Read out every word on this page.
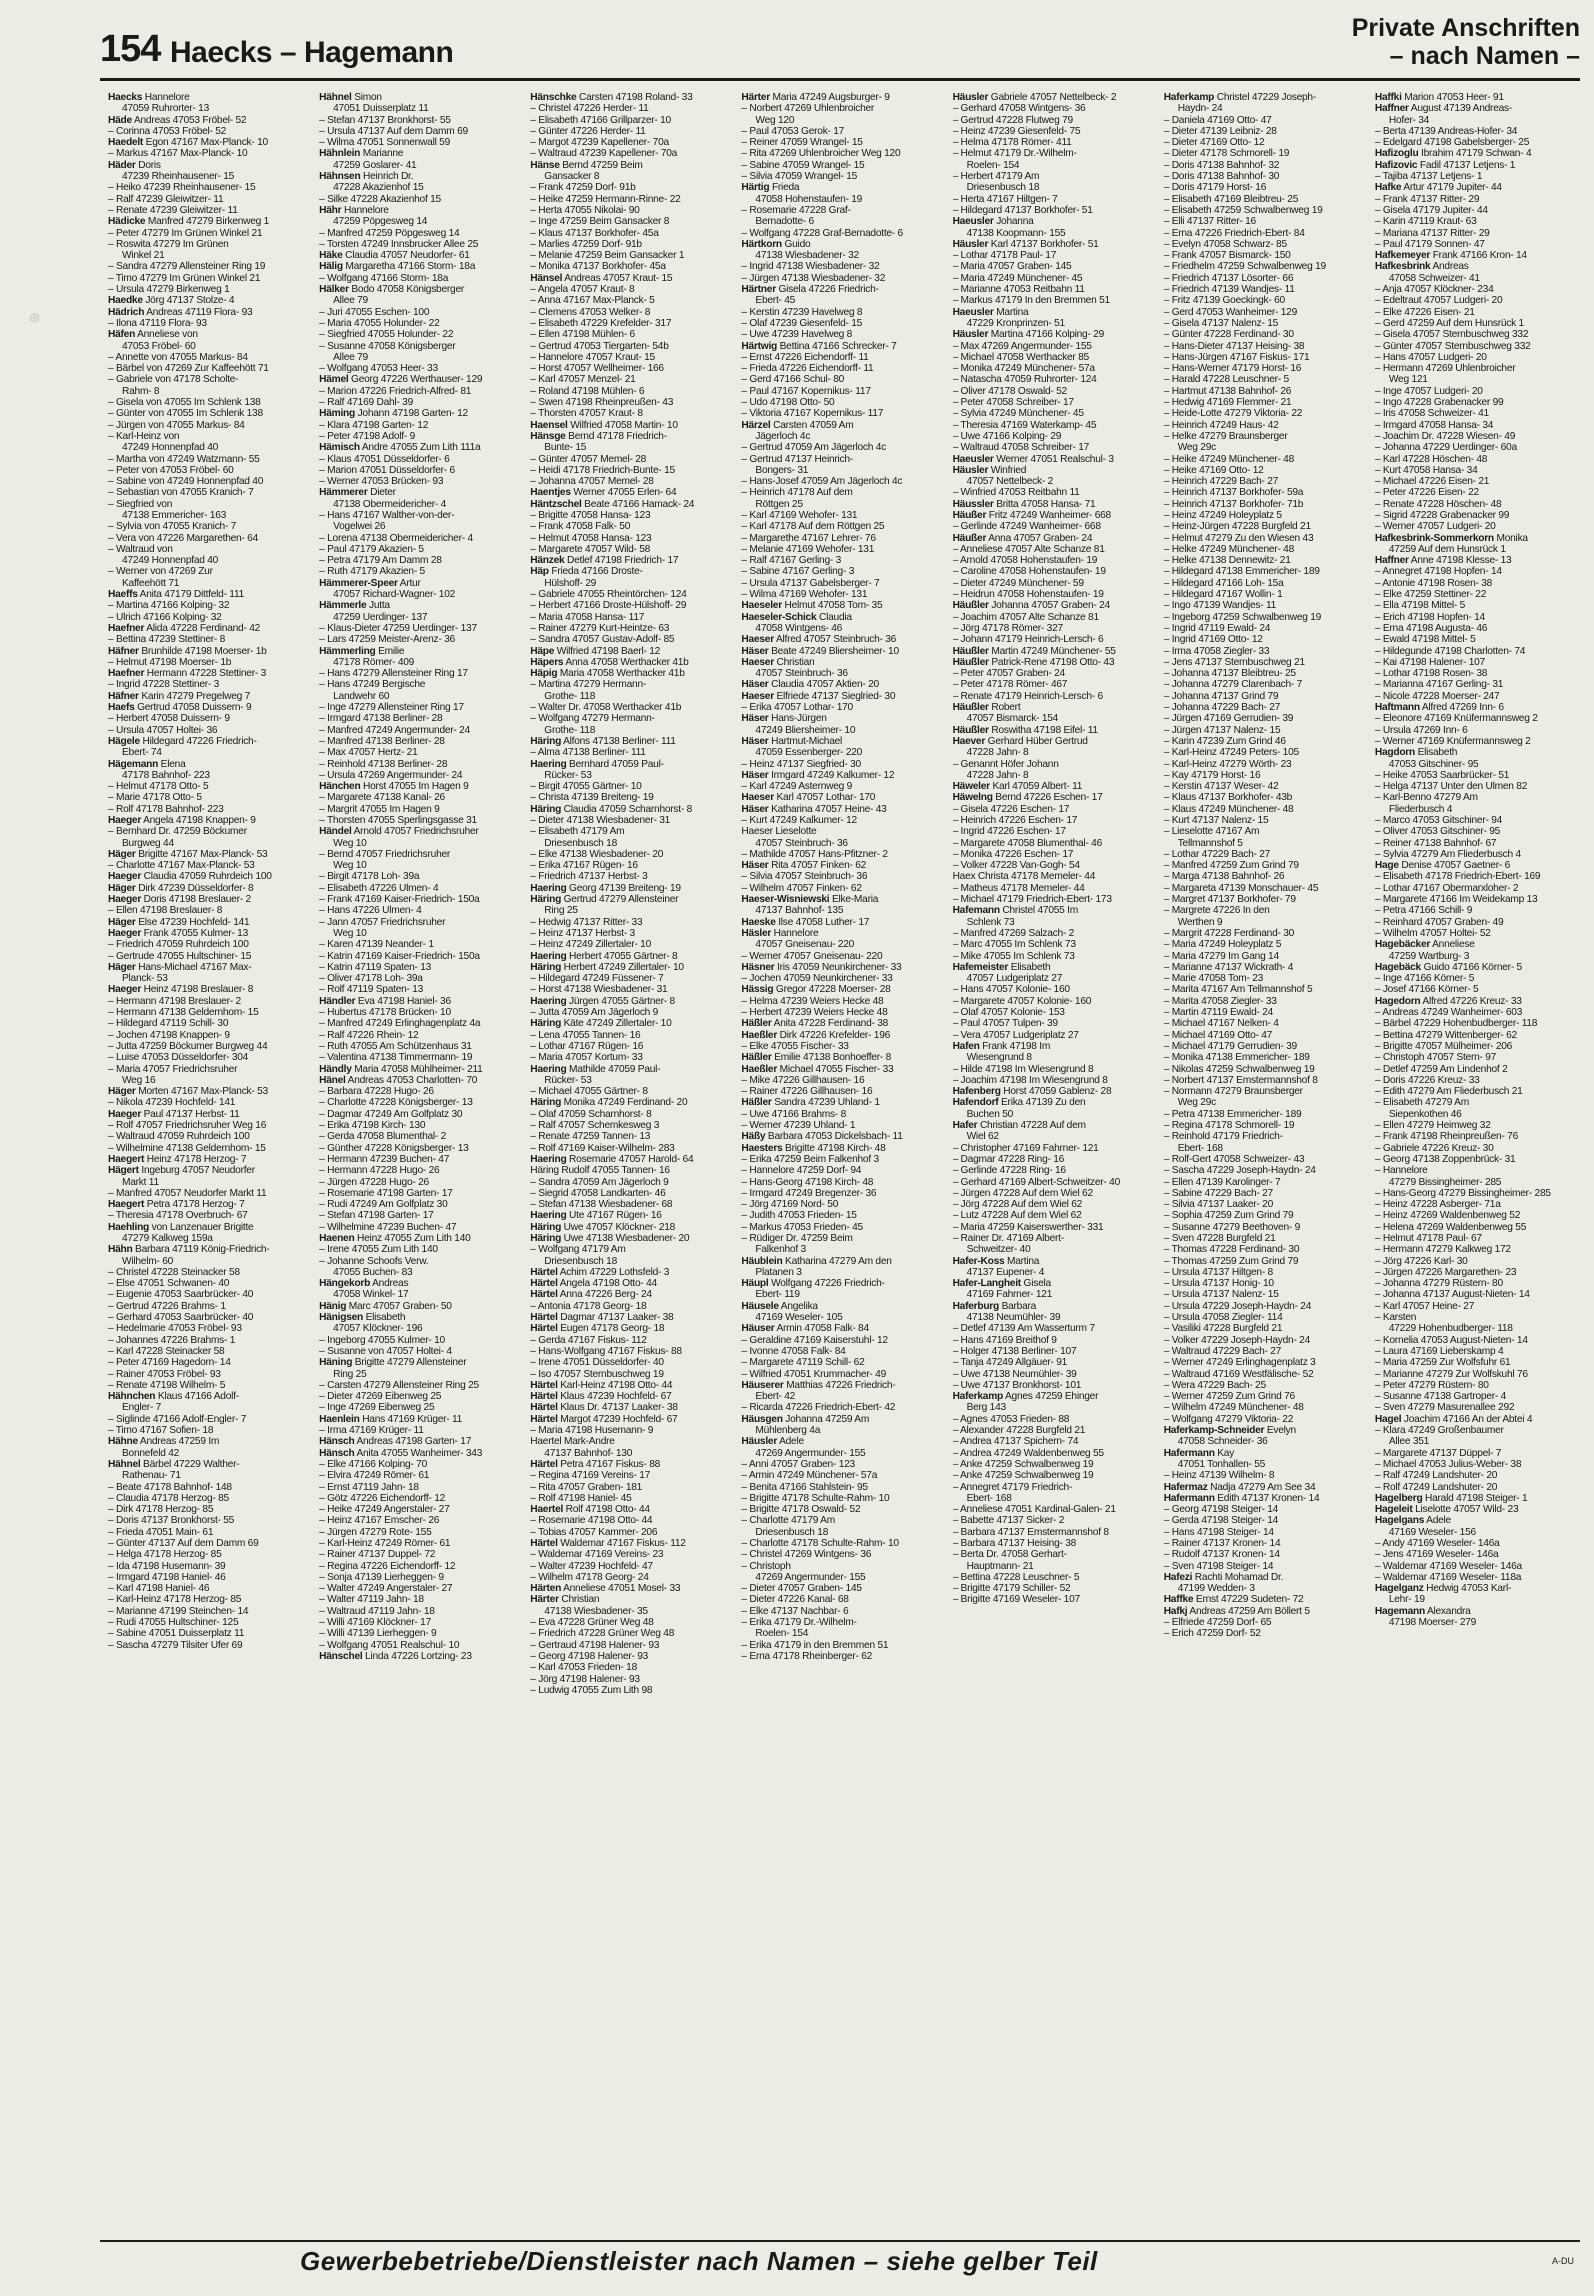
⊛
154 Haecks – Hagemann
Private Anschriften
– nach Namen –
Haecks Hannelore
47059 Ruhrorter- 13
Häde Andreas 47053 Fröbel- 52
– Corinna 47053 Fröbel- 52
Haedelt Egon 47167 Max-Planck- 10
– Markus 47167 Max-Planck- 10
Häder Doris
47239 Rheinhausener- 15
– Heiko 47239 Rheinhausener- 15
– Ralf 47239 Gleiwitzer- 11
– Renate 47239 Gleiwitzer- 11
Hädicke Manfred 47279 Birkenweg 1
– Peter 47279 Im Grünen Winkel 21
– Roswita 47279 Im Grünen
Winkel 21
– Sandra 47279 Allensteiner Ring 19
– Timo 47279 Im Grünen Winkel 21
– Ursula 47279 Birkenweg 1
Haedke Jörg 47137 Stolze- 4
Hädrich Andreas 47119 Flora- 93
– Ilona 47119 Flora- 93
Häfen Anneliese von
47053 Fröbel- 60
– Annette von 47055 Markus- 84
– Bärbel von 47269 Zur Kaffeehött 71
– Gabriele von 47178 Scholte-
Rahm- 8
– Gisela von 47055 Im Schlenk 138
– Günter von 47055 Im Schlenk 138
– Jürgen von 47055 Markus- 84
– Karl-Heinz von
47249 Honnenpfad 40
– Martha von 47249 Watzmann- 55
– Peter von 47053 Fröbel- 60
– Sabine von 47249 Honnenpfad 40
– Sebastian von 47055 Kranich- 7
– Siegfried von
47138 Emmericher- 163
– Sylvia von 47055 Kranich- 7
– Vera von 47226 Margarethen- 64
– Waltraud von
47249 Honnenpfad 40
– Werner von 47269 Zur
Kaffeehött 71
Haeffs Anita 47179 Dittfeld- 111
– Martina 47166 Kolping- 32
– Ulrich 47166 Kolping- 32
Haefner Alida 47228 Ferdinand- 42
– Bettina 47239 Stettiner- 8
Häfner Brunhilde 47198 Moerser- 1b
– Helmut 47198 Moerser- 1b
Haefner Hermann 47228 Stettiner- 3
– Ingrid 47228 Stettiner- 3
Häfner Karin 47279 Pregelweg 7
Haefs Gertrud 47058 Duissern- 9
– Herbert 47058 Duissern- 9
– Ursula 47057 Holtei- 36
Hägele Hildegard 47226 Friedrich-
Ebert- 74
Hägemann Elena
47178 Bahnhof- 223
– Helmut 47178 Otto- 5
– Marie 47178 Otto- 5
– Rolf 47178 Bahnhof- 223
Haeger Angela 47198 Knappen- 9
– Bernhard Dr. 47259 Böckumer
Burgweg 44
Häger Brigitte 47167 Max-Planck- 53
– Charlotte 47167 Max-Planck- 53
Haeger Claudia 47059 Ruhrdeich 100
Häger Dirk 47239 Düsseldorfer- 8
Haeger Doris 47198 Breslauer- 2
– Ellen 47198 Breslauer- 8
Häger Else 47239 Hochfeld- 141
Haeger Frank 47055 Kulmer- 13
– Friedrich 47059 Ruhrdeich 100
– Gertrude 47055 Hultschiner- 15
Häger Hans-Michael 47167 Max-
Planck- 53
Haeger Heinz 47198 Breslauer- 8
– Hermann 47198 Breslauer- 2
– Hermann 47138 Geldernhom- 15
– Hildegard 47119 Schill- 30
– Jochen 47198 Knappen- 9
– Jutta 47259 Böckumer Burgweg 44
– Luise 47053 Düsseldorfer- 304
– Maria 47057 Friedrichsruher
Weg 16
Häger Morten 47167 Max-Planck- 53
– Nikola 47239 Hochfeld- 141
Haeger Paul 47137 Herbst- 11
– Rolf 47057 Friedrichsruher Weg 16
– Waltraud 47059 Ruhrdeich 100
– Wilhelmine 47138 Geldernhom- 15
Haegert Heinz 47178 Herzog- 7
Hägert Ingeburg 47057 Neudorfer
Markt 11
– Manfred 47057 Neudorfer Markt 11
Haegert Petra 47178 Herzog- 7
– Theresia 47178 Overbruch- 67
Haehling von Lanzenauer Brigitte
47279 Kalkweg 159a
Hähn Barbara 47119 König-Friedrich-
Wilhelm- 60
– Christel 47228 Steinacker 58
– Else 47051 Schwanen- 40
– Eugenie 47053 Saarbrücker- 40
– Gertrud 47226 Brahms- 1
– Gerhard 47053 Saarbrücker- 40
– Hedelmarie 47053 Fröbel- 93
– Johannes 47226 Brahms- 1
– Karl 47228 Steinacker 58
– Peter 47169 Hagedorn- 14
– Rainer 47053 Fröbel- 93
– Renate 47198 Wilhelm- 5
Hähnchen Klaus 47166 Adolf-
Engler- 7
– Siglinde 47166 Adolf-Engler- 7
– Timo 47167 Sofien- 18
Hähne Andreas 47259 Im
Bonnefeld 42
Hähnel Bärbel 47229 Walther-
Rathenau- 71
– Beate 47178 Bahnhof- 148
– Claudia 47178 Herzog- 85
– Dirk 47178 Herzog- 85
– Doris 47137 Bronkhorst- 55
– Frieda 47051 Main- 61
– Günter 47137 Auf dem Damm 69
– Helga 47178 Herzog- 85
– Ida 47198 Husemann- 39
– Irmgard 47198 Haniel- 46
– Karl 47198 Haniel- 46
– Karl-Heinz 47178 Herzog- 85
– Marianne 47199 Steinchen- 14
– Rudi 47055 Hultschiner- 125
– Sabine 47051 Duisserplatz 11
– Sascha 47279 Tilsiter Ufer 69
Hähnel Simon
47051 Duisserplatz 11
– Stefan 47137 Bronkhorst- 55
– Ursula 47137 Auf dem Damm 69
– Wilma 47051 Sonnenwall 59
Hähnlein Marianne
47259 Goslarer- 41
Hähnsen Heinrich Dr.
47228 Akazienhof 15
– Silke 47228 Akazienhof 15
Hähr Hannelore
47259 Pöpgesweg 14
– Manfred 47259 Pöpgesweg 14
– Torsten 47249 Innsbrucker Allee 25
Häke Claudia 47057 Neudorfer- 61
Hälig Margaretha 47166 Storm- 18a
– Wolfgang 47166 Storm- 18a
Hälker Bodo 47058 Königsberger
Allee 79
– Juri 47055 Eschen- 100
– Maria 47055 Holunder- 22
– Siegfried 47055 Holunder- 22
– Susanne 47058 Königsberger
Allee 79
– Wolfgang 47053 Heer- 33
Hämel Georg 47226 Werthauser- 129
– Marion 47226 Friedrich-Alfred- 81
– Ralf 47169 Dahl- 39
Häming Johann 47198 Garten- 12
– Klara 47198 Garten- 12
– Peter 47198 Adolf- 9
Hämisch Andre 47055 Zum Lith 111a
– Klaus 47051 Düsseldorfer- 6
– Marion 47051 Düsseldorfer- 6
– Werner 47053 Brücken- 93
Hämmerer Dieter
47138 Obermeidericher- 4
– Hans 47167 Walther-von-der-
Vogelwei 26
– Lorena 47138 Obermeidericher- 4
– Paul 47179 Akazien- 5
– Petra 47179 Am Damm 28
– Ruth 47179 Akazien- 5
Hämmerer-Speer Artur
47057 Richard-Wagner- 102
Hämmerle Jutta
47259 Uerdinger- 137
– Klaus-Dieter 47259 Uerdinger- 137
– Lars 47259 Meister-Arenz- 36
Hämmerling Emilie
47178 Römer- 409
– Hans 47279 Allensteiner Ring 17
– Hans 47249 Bergische
Landwehr 60
– Inge 47279 Allensteiner Ring 17
– Irmgard 47138 Berliner- 28
– Manfred 47249 Angermunder- 24
– Manfred 47138 Berliner- 28
– Max 47057 Hertz- 21
– Reinhold 47138 Berliner- 28
– Ursula 47269 Angermunder- 24
Hänchen Horst 47055 Im Hagen 9
– Margarete 47138 Kanal- 26
– Margrit 47055 Im Hagen 9
– Thorsten 47055 Sperlingsgasse 31
Händel Arnold 47057 Friedrichsruher
Weg 10
– Bernd 47057 Friedrichsruher
Weg 10
– Birgit 47178 Loh- 39a
– Elisabeth 47226 Ulmen- 4
– Frank 47169 Kaiser-Friedrich- 150a
– Hans 47226 Ulmen- 4
– Jann 47057 Friedrichsruher
Weg 10
– Karen 47139 Neander- 1
– Katrin 47169 Kaiser-Friedrich- 150a
– Katrin 47119 Spaten- 13
– Oliver 47178 Loh- 39a
– Rolf 47119 Spaten- 13
Händler Eva 47198 Haniel- 36
– Hubertus 47178 Brücken- 10
– Manfred 47249 Erlinghagenplatz 4a
– Ralf 47226 Rhein- 12
– Ruth 47055 Am Schützenhaus 31
– Valentina 47138 Timmermann- 19
Händly Maria 47058 Mühlheimer- 211
Hänel Andreas 47053 Charlotten- 70
– Barbara 47228 Hugo- 26
– Charlotte 47228 Königsberger- 13
– Dagmar 47249 Am Golfplatz 30
– Erika 47198 Kirch- 130
– Gerda 47058 Blumenthal- 2
– Günther 47228 Königsberger- 13
– Hermann 47239 Buchen- 47
– Hermann 47228 Hugo- 26
– Jürgen 47228 Hugo- 26
– Rosemarie 47198 Garten- 17
– Rudi 47249 Am Golfplatz 30
– Stefan 47198 Garten- 17
– Wilhelmine 47239 Buchen- 47
Haenen Heinz 47055 Zum Lith 140
– Irene 47055 Zum Lith 140
– Johanne Schoofs Verw.
47055 Buchen- 83
Hängekorb Andreas
47058 Winkel- 17
Hänig Marc 47057 Graben- 50
Hänigsen Elisabeth
47057 Klöckner- 196
– Ingeborg 47055 Kulmer- 10
– Susanne von 47057 Holtei- 4
Häning Brigitte 47279 Allensteiner
Ring 25
– Carsten 47279 Allensteiner Ring 25
– Dieter 47269 Eibenweg 25
– Inge 47269 Eibenweg 25
Haenlein Hans 47169 Krüger- 11
– Irma 47169 Krüger- 11
Hänsch Andreas 47198 Garten- 17
Hänsch Anita 47055 Wanheimer- 343
– Elke 47166 Kolping- 70
– Elvira 47249 Römer- 61
– Ernst 47119 Jahn- 18
– Götz 47226 Eichendorff- 12
– Heike 47249 Angerstaler- 27
– Heinz 47167 Emscher- 26
– Jürgen 47279 Rote- 155
– Karl-Heinz 47249 Römer- 61
– Rainer 47137 Duppel- 72
– Regina 47226 Eichendorff- 12
– Sonja 47139 Lierheggen- 9
– Walter 47249 Angerstaler- 27
– Walter 47119 Jahn- 18
– Waltraud 47119 Jahn- 18
– Willi 47169 Klöckner- 17
– Willi 47139 Lierheggen- 9
– Wolfgang 47051 Realschul- 10
Hänschel Linda 47226 Lortzing- 23
Hänschke Carsten 47198 Roland- 33
– Christel 47226 Herder- 11
– Elisabeth 47166 Grillparzer- 10
– Günter 47226 Herder- 11
– Margot 47239 Kapellener- 70a
– Waltraud 47239 Kapellener- 70a
Hänse Bernd 47259 Beim
Gansacker 8
– Frank 47259 Dorf- 91b
– Heike 47259 Hermann-Rinne- 22
– Herta 47055 Nikolai- 90
– Inge 47259 Beim Gansacker 8
– Klaus 47137 Borkhofer- 45a
– Marlies 47259 Dorf- 91b
– Melanie 47259 Beim Gansacker 1
– Monika 47137 Borkhofer- 45a
Hänsel Andreas 47057 Kraut- 15
– Angela 47057 Kraut- 8
– Anna 47167 Max-Planck- 5
– Clemens 47053 Welker- 8
– Elisabeth 47229 Krefelder- 317
– Ellen 47198 Mühlen- 6
– Gertrud 47053 Tiergarten- 54b
– Hannelore 47057 Kraut- 15
– Horst 47057 Wellheimer- 166
– Karl 47057 Menzel- 21
– Roland 47198 Mühlen- 6
– Swen 47198 Rheinpreußen- 43
– Thorsten 47057 Kraut- 8
Haensel Wilfried 47058 Martin- 10
Hänsge Bernd 47178 Friedrich-
Bunte- 15
– Günter 47057 Memel- 28
– Heidi 47178 Friedrich-Bunte- 15
– Johanna 47057 Memel- 28
Haentjes Werner 47055 Erlen- 64
Häntzschel Beate 47166 Hamack- 24
– Brigitte 47058 Hansa- 123
– Frank 47058 Falk- 50
– Helmut 47058 Hansa- 123
– Margarete 47057 Wild- 58
Hänzek Detlef 47198 Friedrich- 17
Häp Frieda 47166 Droste-
Hülshoff- 29
– Gabriele 47055 Rheintörchen- 124
– Herbert 47166 Droste-Hülshoff- 29
– Maria 47058 Hansa- 117
– Rainer 47279 Kurt-Heintze- 63
– Sandra 47057 Gustav-Adolf- 85
Häpe Wilfried 47198 Baerl- 12
Häpers Anna 47058 Werthacker 41b
Häpig Maria 47058 Werthacker 41b
– Martina 47279 Hermann-
Grothe- 118
– Walter Dr. 47058 Werthacker 41b
– Wolfgang 47279 Hermann-
Grothe- 118
Häring Alfons 47138 Berliner- 111
– Alma 47138 Berliner- 111
Haering Bernhard 47059 Paul-
Rücker- 53
– Birgit 47055 Gärtner- 10
– Christa 47139 Breiteng- 19
Häring Claudia 47059 Scharnhorst- 8
– Dieter 47138 Wiesbadener- 31
– Elisabeth 47179 Am
Driesenbusch 18
– Elke 47138 Wiesbadener- 20
– Erika 47167 Rügen- 16
– Friedrich 47137 Herbst- 3
Haering Georg 47139 Breiteng- 19
Häring Gertrud 47279 Allensteiner
Ring 25
– Hedwig 47137 Ritter- 33
– Heinz 47137 Herbst- 3
– Heinz 47249 Zillertaler- 10
Haering Herbert 47055 Gärtner- 8
Häring Herbert 47249 Zillertaler- 10
– Hildegard 47249 Füssener- 7
– Horst 47138 Wiesbadener- 31
Haering Jürgen 47055 Gärtner- 8
– Jutta 47059 Am Jägerloch 9
Häring Käte 47249 Zillertaler- 10
– Lena 47055 Tannen- 16
– Lothar 47167 Rügen- 16
– Maria 47057 Kortum- 33
Haering Mathilde 47059 Paul-
Rücker- 53
– Michael 47055 Gärtner- 8
Häring Monika 47249 Ferdinand- 20
– Olaf 47059 Scharnhorst- 8
– Ralf 47057 Schemkesweg 3
– Renate 47259 Tannen- 13
– Rolf 47169 Kaiser-Wilhelm- 283
Haering Rosemarie 47057 Harold- 64
Häring Rudolf 47055 Tannen- 16
– Sandra 47059 Am Jägerloch 9
– Siegrid 47058 Landkarten- 46
– Stefan 47138 Wiesbadener- 68
Haering Ute 47167 Rügen- 16
Häring Uwe 47057 Klöckner- 218
Häring Uwe 47138 Wiesbadener- 20
– Wolfgang 47179 Am
Driesenbusch 18
Härtel Achim 47229 Lothsfeld- 3
Härtel Angela 47198 Otto- 44
Härtel Anna 47226 Berg- 24
– Antonia 47178 Georg- 18
Härtel Dagmar 47137 Laaker- 38
Härtel Eugen 47178 Georg- 18
– Gerda 47167 Fiskus- 112
– Hans-Wolfgang 47167 Fiskus- 88
– Irene 47051 Düsseldorfer- 40
– Iso 47057 Sternbuschweg 19
Härtel Karl-Heinz 47198 Otto- 44
Härtel Klaus 47239 Hochfeld- 67
Härtel Klaus Dr. 47137 Laaker- 38
Härtel Margot 47239 Hochfeld- 67
– Maria 47198 Husemann- 9
Haertel Mark-Andre
47137 Bahnhof- 130
Härtel Petra 47167 Fiskus- 88
– Regina 47169 Vereins- 17
– Rita 47057 Graben- 181
– Rolf 47198 Haniel- 45
Haertel Rolf 47198 Otto- 44
– Rosemarie 47198 Otto- 44
– Tobias 47057 Kammer- 206
Härtel Waldemar 47167 Fiskus- 112
– Waldemar 47169 Vereins- 23
– Walter 47239 Hochfeld- 47
– Wilhelm 47178 Georg- 24
Härten Anneliese 47051 Mosel- 33
Härter Christian
47138 Wiesbadener- 35
– Eva 47228 Grüner Weg 48
– Friedrich 47228 Grüner Weg 48
– Gertraud 47198 Halener- 93
– Georg 47198 Halener- 93
– Karl 47053 Frieden- 18
– Jörg 47198 Halener- 93
– Ludwig 47055 Zum Lith 98
Härter Maria 47249 Augsburger- 9
– Norbert 47269 Uhlenbroicher
Weg 120
– Paul 47053 Gerok- 17
– Reiner 47059 Wrangel- 15
– Rita 47269 Uhlenbroicher Weg 120
– Sabine 47059 Wrangel- 15
– Silvia 47059 Wrangel- 15
Härtig Frieda
47058 Hohenstaufen- 19
– Rosemarie 47228 Graf-
Bernadotte- 6
– Wolfgang 47228 Graf-Bernadotte- 6
Härtkorn Guido
47138 Wiesbadener- 32
– Ingrid 47138 Wiesbadener- 32
– Jürgen 47138 Wiesbadener- 32
Härtner Gisela 47226 Friedrich-
Ebert- 45
– Kerstin 47239 Havelweg 8
– Olaf 47239 Giesenfeld- 15
– Uwe 47239 Havelweg 8
Härtwig Bettina 47166 Schrecker- 7
– Ernst 47226 Eichendorff- 11
– Frieda 47226 Eichendorff- 11
– Gerd 47166 Schul- 80
– Paul 47167 Kopernikus- 117
– Udo 47198 Otto- 50
– Viktoria 47167 Kopernikus- 117
Härzel Carsten 47059 Am
Jägerloch 4c
– Gertrud 47059 Am Jägerloch 4c
– Gertrud 47137 Heinrich-
Bongers- 31
– Hans-Josef 47059 Am Jägerloch 4c
– Heinrich 47178 Auf dem
Röttgen 25
– Karl 47169 Wehofer- 131
– Karl 47178 Auf dem Röttgen 25
– Margarethe 47167 Lehrer- 76
– Melanie 47169 Wehofer- 131
– Ralf 47167 Gerling- 3
– Sabine 47167 Gerling- 3
– Ursula 47137 Gabelsberger- 7
– Wilma 47169 Wehofer- 131
Haeseler Helmut 47058 Tom- 35
Haeseler-Schick Claudia
47058 Wintgens- 46
Haeser Alfred 47057 Steinbruch- 36
Häser Beate 47249 Bliersheimer- 10
Haeser Christian
47057 Steinbruch- 36
Häser Claudia 47057 Aktien- 20
Haeser Elfriede 47137 Sieglried- 30
– Erika 47057 Lothar- 170
Häser Hans-Jürgen
47249 Bliersheimer- 10
Häser Hartmut-Michael
47059 Essenberger- 220
– Heinz 47137 Siegfried- 30
Häser Irmgard 47249 Kalkumer- 12
– Karl 47249 Asternweg 9
Haeser Karl 47057 Lothar- 170
Häser Katharina 47057 Heine- 43
– Kurt 47249 Kalkumer- 12
Haeser Lieselotte
47057 Steinbruch- 36
– Mathilde 47057 Hans-Pfitzner- 2
Häser Rita 47057 Finken- 62
– Silvia 47057 Steinbruch- 36
– Wilhelm 47057 Finken- 62
Haeser-Wisniewski Elke-Maria
47137 Bahnhof- 135
Haeske Ilse 47058 Luther- 17
Häsler Hannelore
47057 Gneisenau- 220
– Werner 47057 Gneisenau- 220
Häsner Iris 47059 Neunkirchener- 33
– Jochen 47059 Neunkirchener- 33
Hässig Gregor 47228 Moerser- 28
– Helma 47239 Weiers Hecke 48
– Herbert 47239 Weiers Hecke 48
Häßler Anita 47228 Ferdinand- 38
Haeßler Dirk 47226 Krefelder- 196
– Elke 47055 Fischer- 33
Häßler Emilie 47138 Bonhoeffer- 8
Haeßler Michael 47055 Fischer- 33
– Mike 47226 Gillhausen- 16
– Rainer 47226 Gillhausen- 16
Häßler Sandra 47239 Uhland- 1
– Uwe 47166 Brahms- 8
– Werner 47239 Uhland- 1
Häßy Barbara 47053 Dickelsbach- 11
Haesters Brigitte 47198 Kirch- 48
– Erika 47259 Beim Falkenhof 3
– Hannelore 47259 Dorf- 94
– Hans-Georg 47198 Kirch- 48
– Irmgard 47249 Bregenzer- 36
– Jörg 47169 Nord- 50
– Judith 47053 Frieden- 15
– Markus 47053 Frieden- 45
– Rüdiger Dr. 47259 Beim
Falkenhof 3
Häublein Katharina 47279 Am den
Platanen 3
Häupl Wolfgang 47226 Friedrich-
Ebert- 119
Häusele Angelika
47169 Weseler- 105
Häuser Armin 47058 Falk- 84
– Geraldine 47169 Kaiserstuhl- 12
– Ivonne 47058 Falk- 84
– Margarete 47119 Schill- 62
– Wilfried 47051 Krummacher- 49
Häuserer Matthias 47226 Friedrich-
Ebert- 42
– Ricarda 47226 Friedrich-Ebert- 42
Häusgen Johanna 47259 Am
Mühlenberg 4a
Häusler Adele
47269 Angermunder- 155
– Anni 47057 Graben- 123
– Armin 47249 Münchener- 57a
– Benita 47166 Stahlstein- 95
– Brigitte 47178 Schulte-Rahm- 10
– Brigitte 47178 Oswald- 52
– Charlotte 47179 Am
Driesenbusch 18
– Charlotte 47178 Schulte-Rahm- 10
– Christel 47269 Wintgens- 36
– Christoph
47269 Angermunder- 155
– Dieter 47057 Graben- 145
– Dieter 47226 Kanal- 68
– Elke 47137 Nachbar- 6
– Erika 47179 Dr.-Wilhelm-
Roelen- 154
– Erika 47179 in den Bremmen 51
– Erna 47178 Rheinberger- 62
Häusler Gabriele 47057 Nettelbeck- 2
– Gerhard 47058 Wintgens- 36
– Gertrud 47228 Flutweg 79
– Heinz 47239 Giesenfeld- 75
– Helma 47178 Römer- 411
– Helmut 47179 Dr.-Wilhelm-
Roelen- 154
– Herbert 47179 Am
Driesenbusch 18
– Herta 47167 Hiltgen- 7
– Hildegard 47137 Borkhofer- 51
Haeusler Johanna
47138 Koopmann- 155
Häusler Karl 47137 Borkhofer- 51
– Lothar 47178 Paul- 17
– Maria 47057 Graben- 145
– Maria 47249 Münchener- 45
– Marianne 47053 Reitbahn 11
– Markus 47179 In den Bremmen 51
Haeusler Martina
47229 Kronprinzen- 51
Häusler Martina 47166 Kolping- 29
– Max 47269 Angermunder- 155
– Michael 47058 Werthacker 85
– Monika 47249 Münchener- 57a
– Natascha 47059 Ruhrorter- 124
– Oliver 47178 Oswald- 52
– Peter 47058 Schreiber- 17
– Sylvia 47249 Münchener- 45
– Theresia 47169 Waterkamp- 45
– Uwe 47166 Kolping- 29
– Waltraud 47058 Schreiber- 17
Haeusler Werner 47051 Realschul- 3
Häusler Winfried
47057 Nettelbeck- 2
– Winfried 47053 Reitbahn 11
Häussler Britta 47058 Hansa- 71
Häußer Fritz 47249 Wanheimer- 668
– Gerlinde 47249 Wanheimer- 668
Häußer Anna 47057 Graben- 24
– Anneliese 47057 Alte Schanze 81
– Arnold 47058 Hohenstaufen- 19
– Caroline 47058 Hohenstaufen- 19
– Dieter 47249 Münchener- 59
– Heidrun 47058 Hohenstaufen- 19
Häußler Johanna 47057 Graben- 24
– Joachim 47057 Alte Schanze 81
– Jörg 47178 Römer- 327
– Johann 47179 Heinrich-Lersch- 6
Häußler Martin 47249 Münchener- 55
Häußler Patrick-Rene 47198 Otto- 43
– Peter 47057 Graben- 24
– Peter 47178 Römer- 467
– Renate 47179 Heinrich-Lersch- 6
Häußler Robert
47057 Bismarck- 154
Häußler Roswitha 47198 Eifel- 11
Haever Gerhard Hüber Gertrud
47228 Jahn- 8
– Genannt Höfer Johann
47228 Jahn- 8
Häweler Karl 47059 Albert- 11
Häwelng Bernd 47226 Eschen- 17
– Gisela 47226 Eschen- 17
– Heinrich 47226 Eschen- 17
– Ingrid 47226 Eschen- 17
– Margarete 47058 Blumenthal- 46
– Monika 47226 Eschen- 17
– Volker 47228 Van-Gogh- 54
Haex Christa 47178 Memeler- 44
– Matheus 47178 Memeler- 44
– Michael 47179 Friedrich-Ebert- 173
Hafemann Christel 47055 Im
Schlenk 73
– Manfred 47269 Salzach- 2
– Marc 47055 Im Schlenk 73
– Mike 47055 Im Schlenk 73
Hafemeister Elisabeth
47057 Ludgeriplatz 27
– Hans 47057 Kolonie- 160
– Margarete 47057 Kolonie- 160
– Olaf 47057 Kolonie- 153
– Paul 47057 Tulpen- 39
– Vera 47057 Ludgeriplatz 27
Hafen Frank 47198 Im
Wiesengrund 8
– Hilde 47198 Im Wiesengrund 8
– Joachim 47198 Im Wiesengrund 8
Hafenberg Horst 47059 Gablenz- 28
Hafendorf Erika 47139 Zu den
Buchen 50
Hafer Christian 47228 Auf dem
Wiel 62
– Christopher 47169 Fahrner- 121
– Dagmar 47228 Ring- 16
– Gerlinde 47228 Ring- 16
– Gerhard 47169 Albert-Schweitzer- 40
– Jürgen 47228 Auf dem Wiel 62
– Jörg 47228 Auf dem Wiel 62
– Lutz 47228 Auf dem Wiel 62
– Maria 47259 Kaiserswerther- 331
– Rainer Dr. 47169 Albert-
Schweitzer- 40
Hafer-Koss Martina
47137 Eupener- 4
Hafer-Langheit Gisela
47169 Fahrner- 121
Haferburg Barbara
47138 Neumühler- 39
– Detlef 47139 Am Wasserturm 7
– Hans 47169 Breithof 9
– Holger 47138 Berliner- 107
– Tanja 47249 Allgäuer- 91
– Uwe 47138 Neumühler- 39
– Uwe 47137 Bronkhorst- 101
Haferkamp Agnes 47259 Ehinger
Berg 143
– Agnes 47053 Frieden- 88
– Alexander 47228 Burgfeld 21
– Andrea 47137 Spichern- 74
– Andrea 47249 Waldenbenweg 55
– Anke 47259 Schwalbenweg 19
– Anke 47259 Schwalbenweg 19
– Annegret 47179 Friedrich-
Ebert- 168
– Anneliese 47051 Kardinal-Galen- 21
– Babette 47137 Sicker- 2
– Barbara 47137 Emstermannshof 8
– Barbara 47137 Heising- 38
– Berta Dr. 47058 Gerhart-
Hauptmann- 21
– Bettina 47228 Leuschner- 5
– Brigitte 47179 Schiller- 52
– Brigitte 47169 Weseler- 107
Haferkamp Christel 47229 Joseph-
Haydn- 24
– Daniela 47169 Otto- 47
– Dieter 47139 Leibniz- 28
– Dieter 47169 Otto- 12
– Dieter 47178 Schmorell- 19
– Doris 47138 Bahnhof- 32
– Doris 47138 Bahnhof- 30
– Doris 47179 Horst- 16
– Elisabeth 47169 Bleibtreu- 25
– Elisabeth 47259 Schwalbenweg 19
– Elli 47137 Ritter- 16
– Erna 47226 Friedrich-Ebert- 84
– Evelyn 47058 Schwarz- 85
– Frank 47057 Bismarck- 150
– Friedhelm 47259 Schwalbenweg 19
– Friedrich 47137 Lösorter- 66
– Friedrich 47139 Wandjes- 11
– Fritz 47139 Goeckingk- 60
– Gerd 47053 Wanheimer- 129
– Gisela 47137 Nalenz- 15
– Günter 47228 Ferdinand- 30
– Hans-Dieter 47137 Heising- 38
– Hans-Jürgen 47167 Fiskus- 171
– Hans-Werner 47179 Horst- 16
– Harald 47228 Leuschner- 5
– Hartmut 47138 Bahnhof- 26
– Hedwig 47169 Flemmer- 21
– Heide-Lotte 47279 Viktoria- 22
– Heinrich 47249 Haus- 42
– Helke 47279 Braunsberger
Weg 29c
– Heike 47249 Münchener- 48
– Heike 47169 Otto- 12
– Heinrich 47229 Bach- 27
– Heinrich 47137 Borkhofer- 59a
– Heinrich 47137 Borkhofer- 71b
– Heinz 47249 Holeyplatz 5
– Heinz-Jürgen 47228 Burgfeld 21
– Helmut 47279 Zu den Wiesen 43
– Helke 47249 Münchener- 48
– Helke 47138 Dennewitz- 21
– Hildegard 47138 Emmericher- 189
– Hildegard 47166 Loh- 15a
– Hildegard 47167 Wollin- 1
– Ingo 47139 Wandjes- 11
– Ingeborg 47259 Schwalbenweg 19
– Ingrid 47119 Ewald- 24
– Ingrid 47169 Otto- 12
– Irma 47058 Ziegler- 33
– Jens 47137 Sternbuschweg 21
– Johanna 47137 Bleibtreu- 25
– Johanna 47279 Clarenbach- 7
– Johanna 47137 Grind 79
– Johanna 47229 Bach- 27
– Jürgen 47169 Gerrudien- 39
– Jürgen 47137 Nalenz- 15
– Karin 47239 Zum Grind 46
– Karl-Heinz 47249 Peters- 105
– Karl-Heinz 47279 Wörth- 23
– Kay 47179 Horst- 16
– Kerstin 47137 Weser- 42
– Klaus 47137 Borkhofer- 43b
– Klaus 47249 Münchener- 48
– Kurt 47137 Nalenz- 15
– Lieselotte 47167 Am
Tellmannshof 5
– Lothar 47229 Bach- 27
– Manfred 47259 Zum Grind 79
– Marga 47138 Bahnhof- 26
– Margareta 47139 Monschauer- 45
– Margret 47137 Borkhofer- 79
– Margrete 47226 In den
Werthen 9
– Margrit 47228 Ferdinand- 30
– Maria 47249 Holeyplatz 5
– Maria 47279 Im Gang 14
– Marianne 47137 Wickrath- 4
– Marie 47058 Tom- 23
– Marita 47167 Am Tellmannshof 5
– Marita 47058 Ziegler- 33
– Martin 47119 Ewald- 24
– Michael 47167 Nelken- 4
– Michael 47169 Otto- 47
– Michael 47179 Gerrudien- 39
– Monika 47138 Emmericher- 189
– Nikolas 47259 Schwalbenweg 19
– Norbert 47137 Emstermannshof 8
– Normann 47279 Braunsberger
Weg 29c
– Petra 47138 Emmericher- 189
– Regina 47178 Schmorell- 19
– Reinhold 47179 Friedrich-
Ebert- 168
– Rolf-Gert 47058 Schweizer- 43
– Sascha 47229 Joseph-Haydn- 24
– Ellen 47139 Karolinger- 7
– Sabine 47229 Bach- 27
– Silvia 47137 Laaker- 20
– Sophia 47259 Zum Grind 79
– Susanne 47279 Beethoven- 9
– Sven 47228 Burgfeld 21
– Thomas 47228 Ferdinand- 30
– Thomas 47259 Zum Grind 79
– Ursula 47137 Hiltgen- 8
– Ursula 47137 Honig- 10
– Ursula 47137 Nalenz- 15
– Ursula 47229 Joseph-Haydn- 24
– Ursula 47058 Ziegler- 114
– Vasiliki 47228 Burgfeld 21
– Volker 47229 Joseph-Haydn- 24
– Waltraud 47229 Bach- 27
– Werner 47249 Erlinghagenplatz 3
– Waltraud 47169 Westfälische- 52
– Wera 47229 Bach- 25
– Werner 47259 Zum Grind 76
– Wilhelm 47249 Münchener- 48
– Wolfgang 47279 Viktoria- 22
Haferkamp-Schneider Evelyn
47058 Schneider- 36
Hafermann Kay
47051 Tonhallen- 55
– Heinz 47139 Wilhelm- 8
Hafermaz Nadja 47279 Am See 34
Hafermann Edith 47137 Kronen- 14
– Georg 47198 Steiger- 14
– Gerda 47198 Steiger- 14
– Hans 47198 Steiger- 14
– Rainer 47137 Kronen- 14
– Rudolf 47137 Kronen- 14
– Sven 47198 Steiger- 14
Hafezi Rachti Mohamad Dr.
47199 Wedden- 3
Haffke Ernst 47229 Sudeten- 72
Hafkj Andreas 47259 Am Böllert 5
– Elfriede 47259 Dorf- 65
– Erich 47259 Dorf- 52
Haffki Marion 47053 Heer- 91
Haffner August 47139 Andreas-
Hofer- 34
– Berta 47139 Andreas-Hofer- 34
– Edelgard 47198 Gabelsberger- 25
Hafizoglu Ibrahim 47179 Schwan- 4
Hafizovic Fadil 47137 Letjens- 1
– Tajiba 47137 Letjens- 1
Hafke Artur 47179 Jupiter- 44
– Frank 47137 Ritter- 29
– Gisela 47179 Jupiter- 44
– Karin 47119 Kraut- 63
– Mariana 47137 Ritter- 29
– Paul 47179 Sonnen- 47
Hafkemeyer Frank 47166 Kron- 14
Hafkesbrink Andreas
47058 Schweizer- 41
– Anja 47057 Klöckner- 234
– Edeltraut 47057 Ludgeri- 20
– Elke 47226 Eisen- 21
– Gerd 47259 Auf dem Hunsrück 1
– Gisela 47057 Sternbuschweg 332
– Günter 47057 Sternbuschweg 332
– Hans 47057 Ludgeri- 20
– Hermann 47269 Uhlenbroicher
Weg 121
– Inge 47057 Ludgeri- 20
– Ingo 47228 Grabenacker 99
– Iris 47058 Schweizer- 41
– Irmgard 47058 Hansa- 34
– Joachim Dr. 47228 Wiesen- 49
– Johanna 47229 Uerdinger- 60a
– Karl 47228 Höschen- 48
– Kurt 47058 Hansa- 34
– Michael 47226 Eisen- 21
– Peter 47226 Eisen- 22
– Renate 47228 Höschen- 48
– Sigrid 47228 Grabenacker 99
– Werner 47057 Ludgeri- 20
Hafkesbrink-Sommerkorn Monika
47259 Auf dem Hunsrück 1
Haffner Anne 47198 Klesse- 13
– Annegret 47198 Hopfen- 14
– Antonie 47198 Rosen- 38
– Elke 47259 Stettiner- 22
– Ella 47198 Mittel- 5
– Erich 47198 Hopfen- 14
– Erna 47198 Augusta- 46
– Ewald 47198 Mittel- 5
– Hildegunde 47198 Charlotten- 74
– Kai 47198 Halener- 107
– Lothar 47198 Rosen- 38
– Marianna 47167 Gerling- 31
– Nicole 47228 Moerser- 247
Haftmann Alfred 47269 Inn- 6
– Eleonore 47169 Knüfermannsweg 2
– Ursula 47269 Inn- 6
– Werner 47169 Knüfermannsweg 2
Hagdorn Elisabeth
47053 Gitschiner- 95
– Heike 47053 Saarbrücker- 51
– Helga 47137 Unter den Ulmen 82
– Karl-Benno 47279 Am
Fliederbusch 4
– Marco 47053 Gitschiner- 94
– Oliver 47053 Gitschiner- 95
– Reiner 47138 Bahnhof- 67
– Sylvia 47279 Am Fliederbusch 4
Hage Denise 47057 Gaetner- 6
– Elisabeth 47178 Friedrich-Ebert- 169
– Lothar 47167 Obermarxloher- 2
– Margarete 47166 Im Weidekamp 13
– Petra 47166 Schill- 9
– Reinhard 47057 Graben- 49
– Wilhelm 47057 Holtei- 52
Hagebäcker Anneliese
47259 Wartburg- 3
Hagebäck Guido 47166 Körner- 5
– Inge 47166 Körner- 5
– Josef 47166 Körner- 5
Hagedorn Alfred 47226 Kreuz- 33
– Andreas 47249 Wanheimer- 603
– Bärbel 47229 Hohenbudberger- 118
– Bettina 47279 Wittenberger- 62
– Brigitte 47057 Mülheimer- 206
– Christoph 47057 Stern- 97
– Detlef 47259 Am Lindenhof 2
– Doris 47226 Kreuz- 33
– Edith 47279 Am Fliederbusch 21
– Elisabeth 47279 Am
Siepenkothen 46
– Ellen 47279 Heimweg 32
– Frank 47198 Rheinpreußen- 76
– Gabriele 47226 Kreuz- 30
– Georg 47138 Zoppenbrück- 31
– Hannelore
47279 Bissingheimer- 285
– Hans-Georg 47279 Bissingheimer- 285
– Heinz 47228 Asberger- 71a
– Heinz 47269 Waldenbenweg 52
– Helena 47269 Waldenbenweg 55
– Helmut 47178 Paul- 67
– Hermann 47279 Kalkweg 172
– Jörg 47226 Karl- 30
– Jürgen 47226 Margarethen- 23
– Johanna 47279 Rüstern- 80
– Johanna 47137 August-Nieten- 14
– Karl 47057 Heine- 27
– Karsten
47229 Hohenbudberger- 118
– Kornelia 47053 August-Nieten- 14
– Laura 47169 Lieberskamp 4
– Maria 47259 Zur Wolfsfuhr 61
– Marianne 47279 Zur Wolfskuhl 76
– Peter 47279 Rüstern- 80
– Susanne 47138 Gartroper- 4
– Sven 47279 Masurenallee 292
Hagel Joachim 47166 An der Abtei 4
– Klara 47249 Großenbaumer
Allee 351
– Margarete 47137 Düppel- 7
– Michael 47053 Julius-Weber- 38
– Ralf 47249 Landshuter- 20
– Rolf 47249 Landshuter- 20
Hagelberg Harald 47198 Steiger- 1
Hageleit Liselotte 47057 Wild- 23
Hagelgans Adele
47169 Weseler- 156
– Andy 47169 Weseler- 146a
– Jens 47169 Weseler- 146a
– Waldemar 47169 Weseler- 146a
– Waldemar 47169 Weseler- 118a
Hagelganz Hedwig 47053 Karl-
Lehr- 19
Hagemann Alexandra
47198 Moerser- 279
Gewerbebetriebe/Dienstleister nach Namen – siehe gelber Teil	A-DU
